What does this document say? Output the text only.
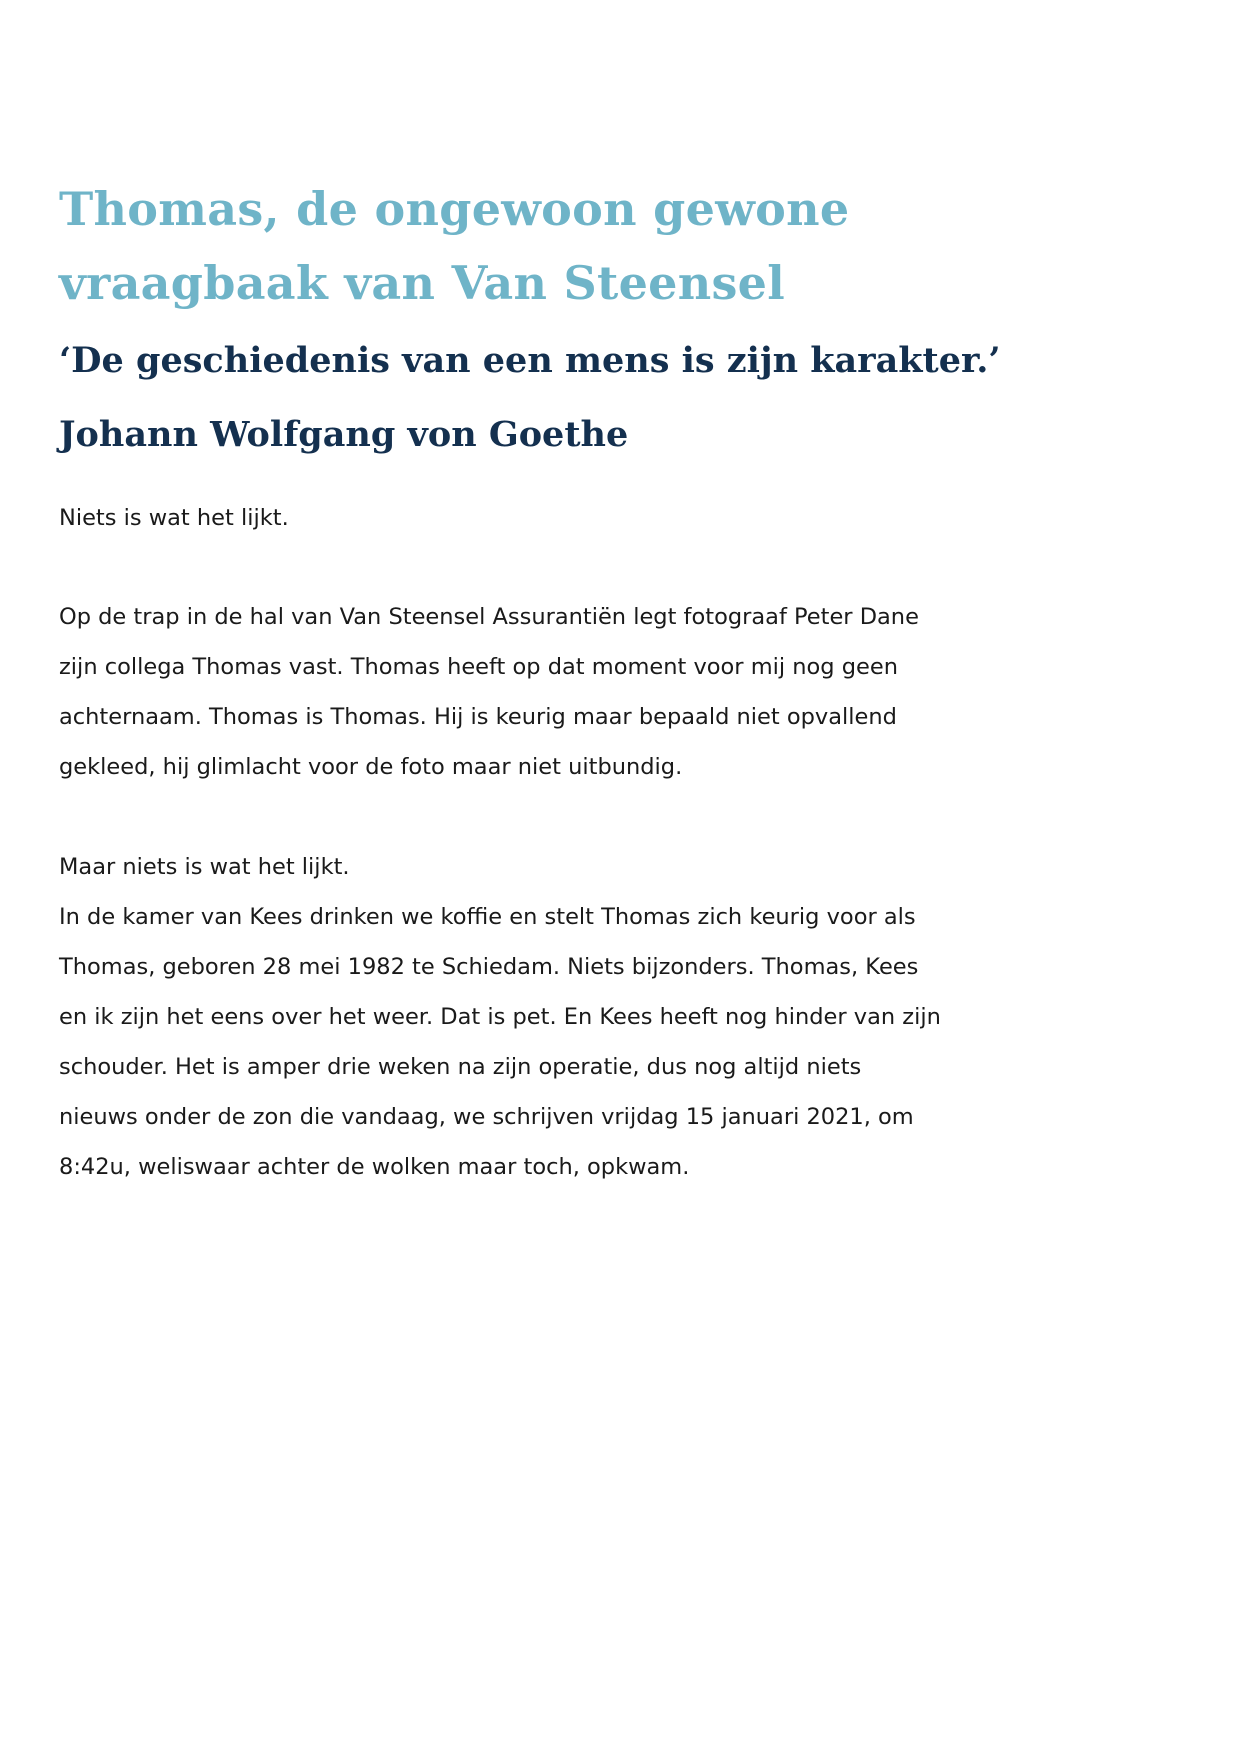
Thomas, de ongewoon gewone
vraagbaak van Van Steensel
‘De geschiedenis van een mens is zijn karakter.’
Johann Wolfgang von Goethe

Niets is wat het lijkt.

Op de trap in de hal van Van Steensel Assurantiën legt fotograaf Peter Dane
zijn collega Thomas vast. Thomas heeft op dat moment voor mij nog geen
achternaam. Thomas is Thomas. Hij is keurig maar bepaald niet opvallend
gekleed, hij glimlacht voor de foto maar niet uitbundig.

Maar niets is wat het lijkt.
In de kamer van Kees drinken we koffie en stelt Thomas zich keurig voor als
Thomas, geboren 28 mei 1982 te Schiedam. Niets bijzonders. Thomas, Kees
en ik zijn het eens over het weer. Dat is pet. En Kees heeft nog hinder van zijn
schouder. Het is amper drie weken na zijn operatie, dus nog altijd niets
nieuws onder de zon die vandaag, we schrijven vrijdag 15 januari 2021, om
8:42u, weliswaar achter de wolken maar toch, opkwam.
